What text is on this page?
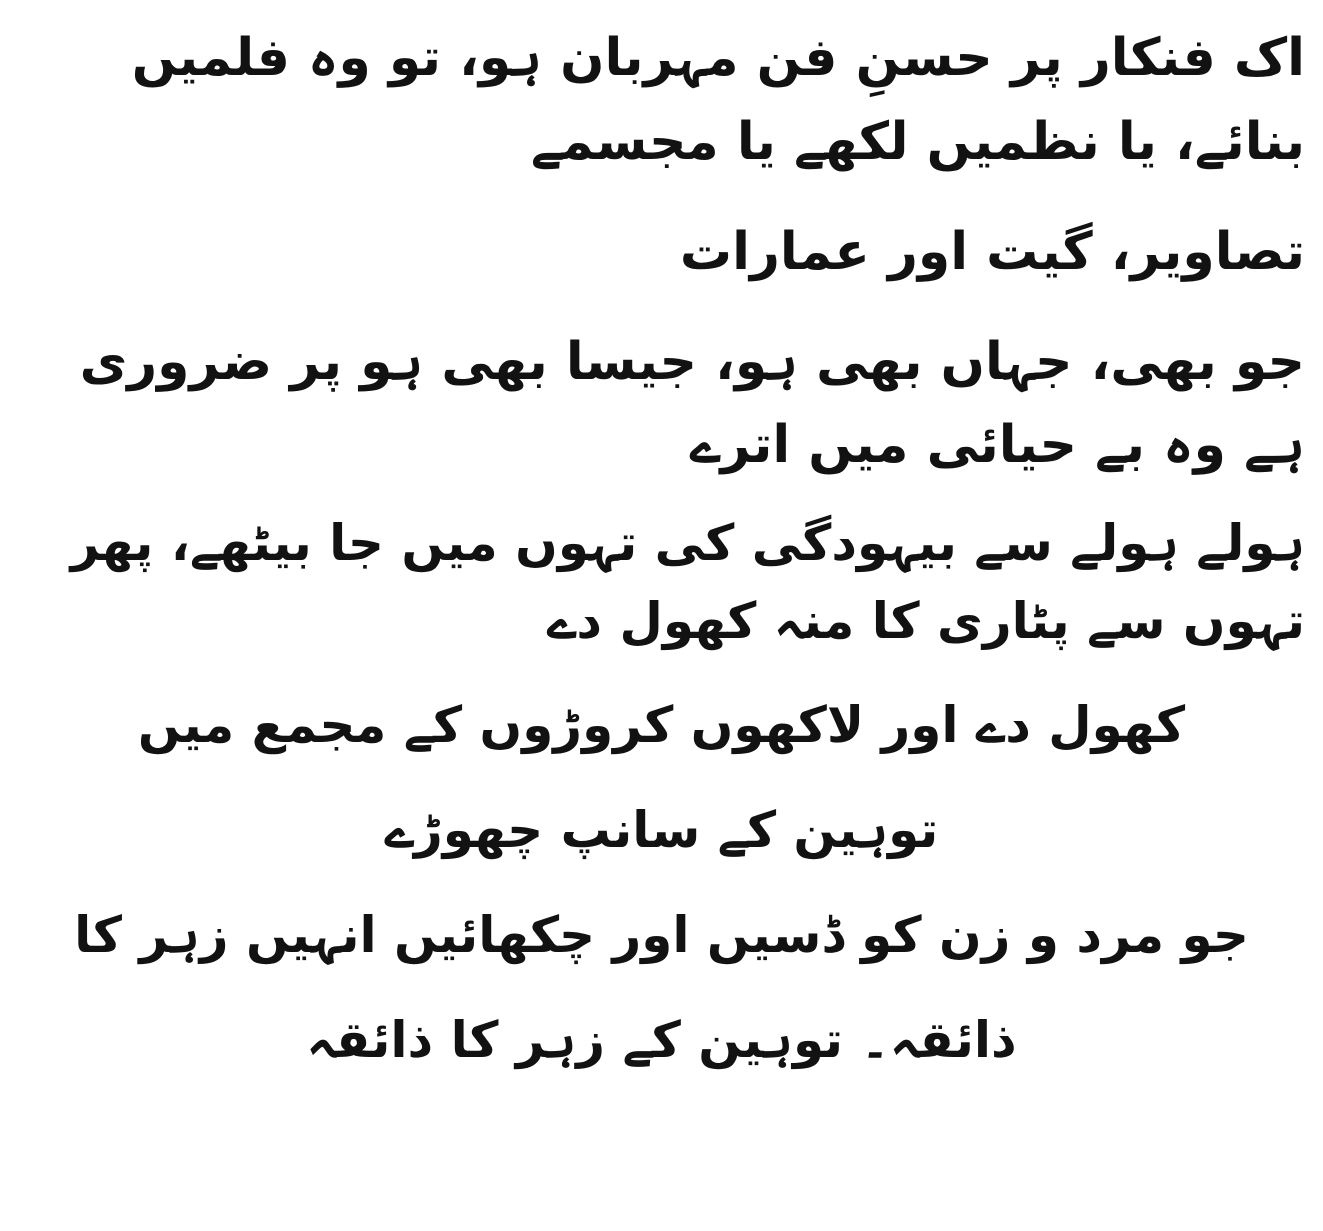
اک فنکار پر حسنِ فن مہربان ہو، تو وہ فلمیں بنائے، یا نظمیں لکھے یا مجسمے
تصاویر، گیت اور عمارات
جو بھی، جہاں بھی ہو، جیسا بھی ہو پر ضروری ہے وہ بے حیائی میں اترے
ہولے ہولے سے بیہودگی کی تہوں میں جا بیٹھے، پھر تہوں سے پٹاری کا منہ کھول دے
کھول دے اور لاکھوں کروڑوں کے مجمع میں
توہین کے سانپ چھوڑے
جو مرد و زن کو ڈسیں اور چکھائیں انہیں زہر کا
ذائقہ۔ توہین کے زہر کا ذائقہ
